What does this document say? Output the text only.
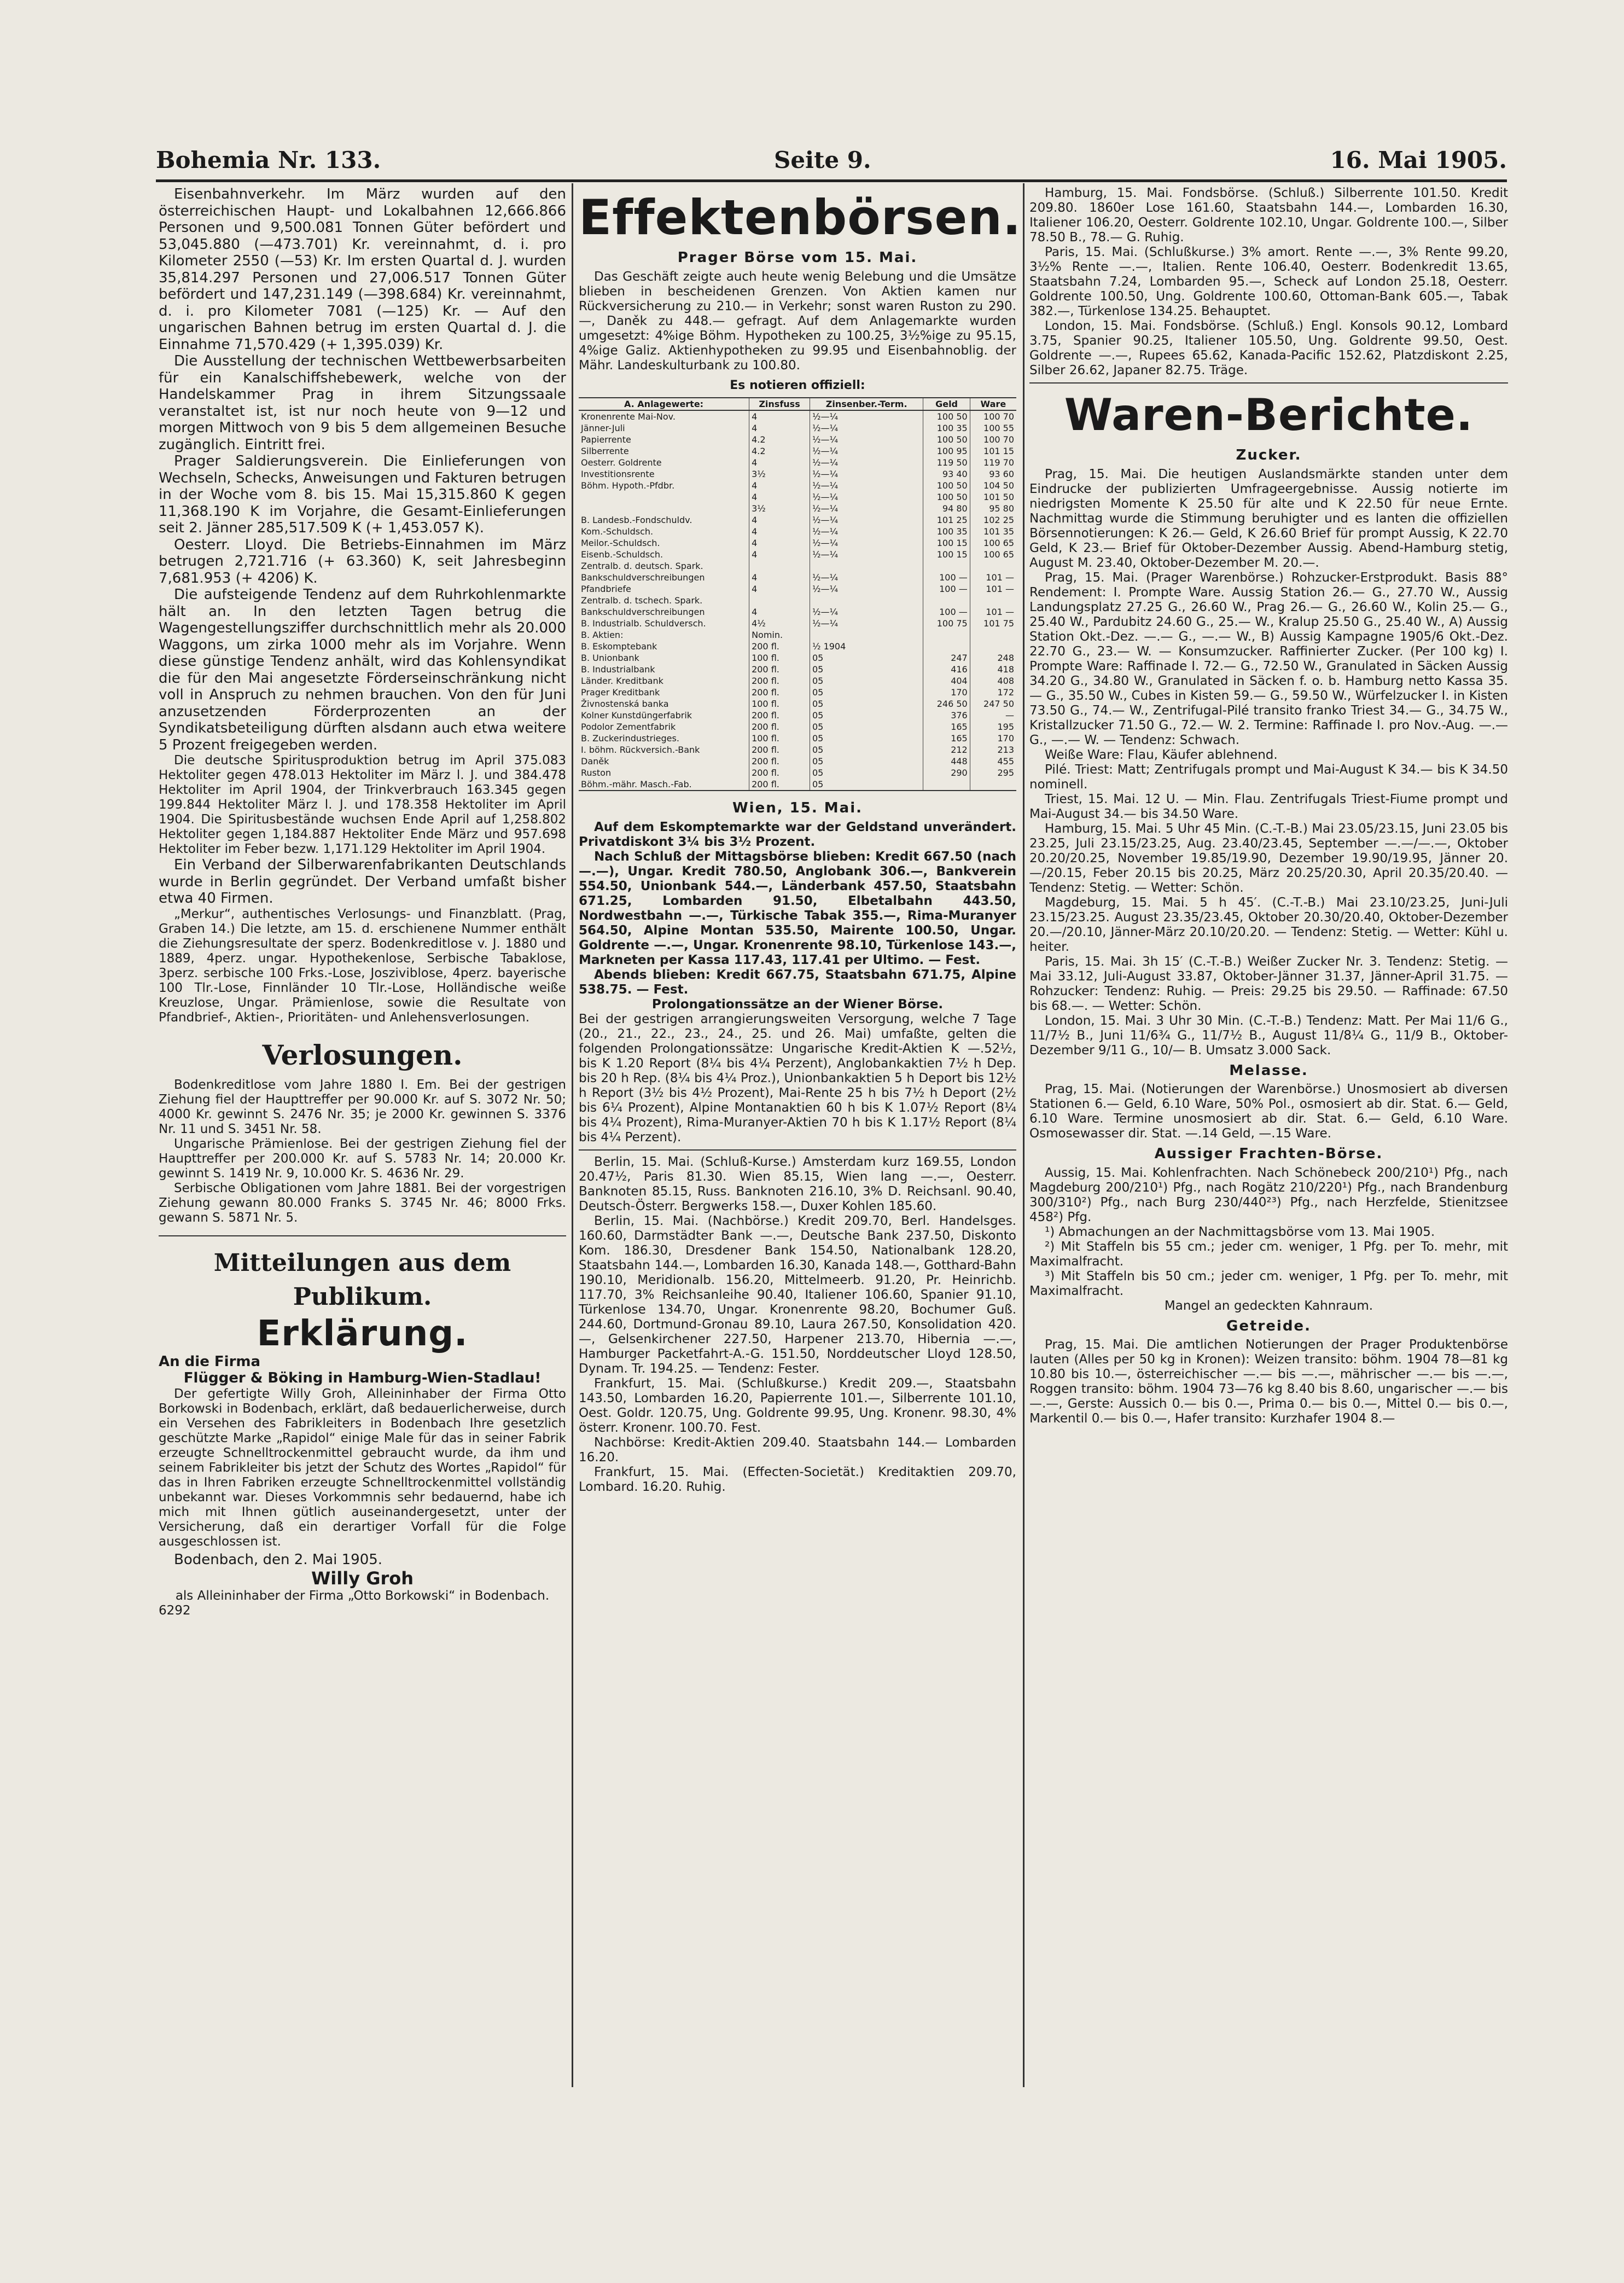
Bohemia Nr. 133.	Seite 9.	16. Mai 1905.

Eisenbahnverkehr. Im März wurden auf den österreichischen Haupt- und Lokalbahnen 12,666.866 Personen und 9,500.081 Tonnen Güter befördert und 53,045.880 (—473.701) Kr. vereinnahmt, d. i. pro Kilometer 2550 (—53) Kr. Im ersten Quartal d. J. wurden 35,814.297 Personen und 27,006.517 Tonnen Güter befördert und 147,231.149 (—398.684) Kr. vereinnahmt, d. i. pro Kilometer 7081 (—125) Kr. — Auf den ungarischen Bahnen betrug im ersten Quartal d. J. die Einnahme 71,570.429 (+ 1,395.039) Kr.

Die Ausstellung der technischen Wettbewerbsarbeiten für ein Kanalschiffshebewerk, welche von der Handelskammer Prag in ihrem Sitzungssaale veranstaltet ist, ist nur noch heute von 9—12 und morgen Mittwoch von 9 bis 5 dem allgemeinen Besuche zugänglich. Eintritt frei.

Prager Saldierungsverein. Die Einlieferungen von Wechseln, Schecks, Anweisungen und Fakturen betrugen in der Woche vom 8. bis 15. Mai 15,315.860 K gegen 11,368.190 K im Vorjahre, die Gesamt-Einlieferungen seit 2. Jänner 285,517.509 K (+ 1,453.057 K).

Oesterr. Lloyd. Die Betriebs-Einnahmen im März betrugen 2,721.716 (+ 63.360) K, seit Jahresbeginn 7,681.953 (+ 4206) K.

Die aufsteigende Tendenz auf dem Ruhrkohlenmarkte hält an. In den letzten Tagen betrug die Wagengestellungsziffer durchschnittlich mehr als 20.000 Waggons, um zirka 1000 mehr als im Vorjahre. Wenn diese günstige Tendenz anhält, wird das Kohlensyndikat die für den Mai angesetzte Förderseinschränkung nicht voll in Anspruch zu nehmen brauchen. Von den für Juni anzusetzenden Förderprozenten an der Syndikatsbeteiligung dürften alsdann auch etwa weitere 5 Prozent freigegeben werden.

Die deutsche Spiritusproduktion betrug im April 375.083 Hektoliter gegen 478.013 Hektoliter im März l. J. und 384.478 Hektoliter im April 1904, der Trinkverbrauch 163.345 gegen 199.844 Hektoliter März l. J. und 178.358 Hektoliter im April 1904. Die Spiritusbestände wuchsen Ende April auf 1,258.802 Hektoliter gegen 1,184.887 Hektoliter Ende März und 957.698 Hektoliter im Feber bezw. 1,171.129 Hektoliter im April 1904.

Ein Verband der Silberwarenfabrikanten Deutschlands wurde in Berlin gegründet. Der Verband umfaßt bisher etwa 40 Firmen.

„Merkur“, authentisches Verlosungs- und Finanzblatt. (Prag, Graben 14.) Die letzte, am 15. d. erschienene Nummer enthält die Ziehungsresultate der sperz. Bodenkreditlose v. J. 1880 und 1889, 4perz. ungar. Hypothekenlose, Serbische Tabaklose, 3perz. serbische 100 Frks.-Lose, Josziviblose, 4perz. bayerische 100 Tlr.-Lose, Finnländer 10 Tlr.-Lose, Holländische weiße Kreuzlose, Ungar. Prämienlose, sowie die Resultate von Pfandbrief-, Aktien-, Prioritäten- und Anlehensverlosungen.

Verlosungen.

Bodenkreditlose vom Jahre 1880 I. Em. Bei der gestrigen Ziehung fiel der Haupttreffer per 90.000 Kr. auf S. 3072 Nr. 50; 4000 Kr. gewinnt S. 2476 Nr. 35; je 2000 Kr. gewinnen S. 3376 Nr. 11 und S. 3451 Nr. 58.

Ungarische Prämienlose. Bei der gestrigen Ziehung fiel der Haupttreffer per 200.000 Kr. auf S. 5783 Nr. 14; 20.000 Kr. gewinnt S. 1419 Nr. 9, 10.000 Kr. S. 4636 Nr. 29.

Serbische Obligationen vom Jahre 1881. Bei der vorgestrigen Ziehung gewann 80.000 Franks S. 3745 Nr. 46; 8000 Frks. gewann S. 5871 Nr. 5.

Mitteilungen aus dem Publikum.
Erklärung.

An die Firma

Flügger & Böking in Hamburg-Wien-Stadlau!

Der gefertigte Willy Groh, Alleininhaber der Firma Otto Borkowski in Bodenbach, erklärt, daß bedauerlicherweise, durch ein Versehen des Fabrikleiters in Bodenbach Ihre gesetzlich geschützte Marke „Rapidol“ einige Male für das in seiner Fabrik erzeugte Schnelltrockenmittel gebraucht wurde, da ihm und seinem Fabrikleiter bis jetzt der Schutz des Wortes „Rapidol“ für das in Ihren Fabriken erzeugte Schnelltrockenmittel vollständig unbekannt war. Dieses Vorkommnis sehr bedauernd, habe ich mich mit Ihnen gütlich auseinandergesetzt, unter der Versicherung, daß ein derartiger Vorfall für die Folge ausgeschlossen ist.

Bodenbach, den 2. Mai 1905.

Willy Groh

als Alleininhaber der Firma „Otto Borkowski“ in Bodenbach.

6292

Effektenbörsen.

Prager Börse vom 15. Mai.

Das Geschäft zeigte auch heute wenig Belebung und die Umsätze blieben in bescheidenen Grenzen. Von Aktien kamen nur Rückversicherung zu 210.— in Verkehr; sonst waren Ruston zu 290.—, Daněk zu 448.— gefragt. Auf dem Anlagemarkte wurden umgesetzt: 4%ige Böhm. Hypotheken zu 100.25, 3½%ige zu 95.15, 4%ige Galiz. Aktienhypotheken zu 99.95 und Eisenbahnoblig. der Mähr. Landeskulturbank zu 100.80.

Es notieren offiziell:

A. Anlagewerte:	Zinsfuss	Zinsenber.-Term.	Geld	Ware
Kronenrente Mai-Nov.	4	½—¼	100 50	100 70
Jänner-Juli	4	½—¼	100 35	100 55
Papierrente	4.2	½—¼	100 50	100 70
Silberrente	4.2	½—¼	100 95	101 15
Oesterr. Goldrente	4	½—¼	119 50	119 70
Investitionsrente	3½	½—¼	93 40	93 60
Böhm. Hypoth.-Pfdbr.	4	½—¼	100 50	104 50
	4	½—¼	100 50	101 50
	3½	½—¼	94 80	95 80
B. Landesb.-Fondschuldv.	4	½—¼	101 25	102 25
Kom.-Schuldsch.	4	½—¼	100 35	101 35
Meilor.-Schuldsch.	4	½—¼	100 15	100 65
Eisenb.-Schuldsch.	4	½—¼	100 15	100 65
Zentralb. d. deutsch. Spark.				
Bankschuldverschreibungen	4	½—¼	100 —	101 —
Pfandbriefe	4	½—¼	100 —	101 —
Zentralb. d. tschech. Spark.				
Bankschuldverschreibungen	4	½—¼	100 —	101 —
B. Industrialb. Schuldversch.	4½	½—¼	100 75	101 75
B. Aktien:	Nomin.			
B. Eskomptebank	200 fl.	½ 1904		
B. Unionbank	100 fl.	05	247	248
B. Industrialbank	200 fl.	05	416	418
Länder. Kreditbank	200 fl.	05	404	408
Prager Kreditbank	200 fl.	05	170	172
Živnostenská banka	100 fl.	05	246 50	247 50
Kolner Kunstdüngerfabrik	200 fl.	05	376	—
Podolor Zementfabrik	200 fl.	05	165	195
B. Zuckerindustrieges.	100 fl.	05	165	170
I. böhm. Rückversich.-Bank	200 fl.	05	212	213
Daněk	200 fl.	05	448	455
Ruston	200 fl.	05	290	295
Böhm.-mähr. Masch.-Fab.	200 fl.	05		

Wien, 15. Mai.

Auf dem Eskomptemarkte war der Geldstand unverändert. Privatdiskont 3¼ bis 3½ Prozent.

Nach Schluß der Mittagsbörse blieben: Kredit 667.50 (nach —.—), Ungar. Kredit 780.50, Anglobank 306.—, Bankverein 554.50, Unionbank 544.—, Länderbank 457.50, Staatsbahn 671.25, Lombarden 91.50, Elbetalbahn 443.50, Nordwestbahn —.—, Türkische Tabak 355.—, Rima-Muranyer 564.50, Alpine Montan 535.50, Mairente 100.50, Ungar. Goldrente —.—, Ungar. Kronenrente 98.10, Türkenlose 143.—, Markneten per Kassa 117.43, 117.41 per Ultimo. — Fest.

Abends blieben: Kredit 667.75, Staatsbahn 671.75, Alpine 538.75. — Fest.

Prolongationssätze an der Wiener Börse.

Bei der gestrigen arrangierungsweiten Versorgung, welche 7 Tage (20., 21., 22., 23., 24., 25. und 26. Mai) umfaßte, gelten die folgenden Prolongationssätze: Ungarische Kredit-Aktien K —.52½, bis K 1.20 Report (8¼ bis 4¼ Perzent), Anglobankaktien 7½ h Dep. bis 20 h Rep. (8¼ bis 4¼ Proz.), Unionbankaktien 5 h Deport bis 12½ h Report (3½ bis 4½ Prozent), Mai-Rente 25 h bis 7½ h Deport (2½ bis 6¼ Prozent), Alpine Montanaktien 60 h bis K 1.07½ Report (8¼ bis 4¼ Prozent), Rima-Muranyer-Aktien 70 h bis K 1.17½ Report (8¼ bis 4¼ Perzent).

Berlin, 15. Mai. (Schluß-Kurse.) Amsterdam kurz 169.55, London 20.47½, Paris 81.30. Wien 85.15, Wien lang —.—, Oesterr. Banknoten 85.15, Russ. Banknoten 216.10, 3% D. Reichsanl. 90.40, Deutsch-Österr. Bergwerks 158.—, Duxer Kohlen 185.60.

Berlin, 15. Mai. (Nachbörse.) Kredit 209.70, Berl. Handelsges. 160.60, Darmstädter Bank —.—, Deutsche Bank 237.50, Diskonto Kom. 186.30, Dresdener Bank 154.50, Nationalbank 128.20, Staatsbahn 144.—, Lombarden 16.30, Kanada 148.—, Gotthard-Bahn 190.10, Meridionalb. 156.20, Mittelmeerb. 91.20, Pr. Heinrichb. 117.70, 3% Reichsanleihe 90.40, Italiener 106.60, Spanier 91.10, Türkenlose 134.70, Ungar. Kronenrente 98.20, Bochumer Guß. 244.60, Dortmund-Gronau 89.10, Laura 267.50, Konsolidation 420.—, Gelsenkirchener 227.50, Harpener 213.70, Hibernia —.—, Hamburger Packetfahrt-A.-G. 151.50, Norddeutscher Lloyd 128.50, Dynam. Tr. 194.25. — Tendenz: Fester.

Frankfurt, 15. Mai. (Schlußkurse.) Kredit 209.—, Staatsbahn 143.50, Lombarden 16.20, Papierrente 101.—, Silberrente 101.10, Oest. Goldr. 120.75, Ung. Goldrente 99.95, Ung. Kronenr. 98.30, 4% österr. Kronenr. 100.70. Fest.

Nachbörse: Kredit-Aktien 209.40. Staatsbahn 144.— Lombarden 16.20.

Frankfurt, 15. Mai. (Effecten-Societät.) Kreditaktien 209.70, Lombard. 16.20. Ruhig.

Hamburg, 15. Mai. Fondsbörse. (Schluß.) Silberrente 101.50. Kredit 209.80. 1860er Lose 161.60, Staatsbahn 144.—, Lombarden 16.30, Italiener 106.20, Oesterr. Goldrente 102.10, Ungar. Goldrente 100.—, Silber 78.50 B., 78.— G. Ruhig.

Paris, 15. Mai. (Schlußkurse.) 3% amort. Rente —.—, 3% Rente 99.20, 3½% Rente —.—, Italien. Rente 106.40, Oesterr. Bodenkredit 13.65, Staatsbahn 7.24, Lombarden 95.—, Scheck auf London 25.18, Oesterr. Goldrente 100.50, Ung. Goldrente 100.60, Ottoman-Bank 605.—, Tabak 382.—, Türkenlose 134.25. Behauptet.

London, 15. Mai. Fondsbörse. (Schluß.) Engl. Konsols 90.12, Lombard 3.75, Spanier 90.25, Italiener 105.50, Ung. Goldrente 99.50, Oest. Goldrente —.—, Rupees 65.62, Kanada-Pacific 152.62, Platzdiskont 2.25, Silber 26.62, Japaner 82.75. Träge.

Waren-Berichte.

Zucker.

Prag, 15. Mai. Die heutigen Auslandsmärkte standen unter dem Eindrucke der publizierten Umfrageergebnisse. Aussig notierte im niedrigsten Momente K 25.50 für alte und K 22.50 für neue Ernte. Nachmittag wurde die Stimmung beruhigter und es lanten die offiziellen Börsennotierungen: K 26.— Geld, K 26.60 Brief für prompt Aussig, K 22.70 Geld, K 23.— Brief für Oktober-Dezember Aussig. Abend-Hamburg stetig, August M. 23.40, Oktober-Dezember M. 20.—.

Prag, 15. Mai. (Prager Warenbörse.) Rohzucker-Erstprodukt. Basis 88° Rendement: I. Prompte Ware. Aussig Station 26.— G., 27.70 W., Aussig Landungsplatz 27.25 G., 26.60 W., Prag 26.— G., 26.60 W., Kolin 25.— G., 25.40 W., Pardubitz 24.60 G., 25.— W., Kralup 25.50 G., 25.40 W., A) Aussig Station Okt.-Dez. —.— G., —.— W., B) Aussig Kampagne 1905/6 Okt.-Dez. 22.70 G., 23.— W. — Konsumzucker. Raffinierter Zucker. (Per 100 kg) I. Prompte Ware: Raffinade I. 72.— G., 72.50 W., Granulated in Säcken Aussig 34.20 G., 34.80 W., Granulated in Säcken f. o. b. Hamburg netto Kassa 35.— G., 35.50 W., Cubes in Kisten 59.— G., 59.50 W., Würfelzucker I. in Kisten 73.50 G., 74.— W., Zentrifugal-Pilé transito franko Triest 34.— G., 34.75 W., Kristallzucker 71.50 G., 72.— W. 2. Termine: Raffinade I. pro Nov.-Aug. —.— G., —.— W. — Tendenz: Schwach.

Weiße Ware: Flau, Käufer ablehnend.

Pilé. Triest: Matt; Zentrifugals prompt und Mai-August K 34.— bis K 34.50 nominell.

Triest, 15. Mai. 12 U. — Min. Flau. Zentrifugals Triest-Fiume prompt und Mai-August 34.— bis 34.50 Ware.

Hamburg, 15. Mai. 5 Uhr 45 Min. (C.-T.-B.) Mai 23.05/23.15, Juni 23.05 bis 23.25, Juli 23.15/23.25, Aug. 23.40/23.45, September —.—/—.—, Oktober 20.20/20.25, November 19.85/19.90, Dezember 19.90/19.95, Jänner 20.—/20.15, Feber 20.15 bis 20.25, März 20.25/20.30, April 20.35/20.40. — Tendenz: Stetig. — Wetter: Schön.

Magdeburg, 15. Mai. 5 h 45′. (C.-T.-B.) Mai 23.10/23.25, Juni-Juli 23.15/23.25. August 23.35/23.45, Oktober 20.30/20.40, Oktober-Dezember 20.—/20.10, Jänner-März 20.10/20.20. — Tendenz: Stetig. — Wetter: Kühl u. heiter.

Paris, 15. Mai. 3h 15′ (C.-T.-B.) Weißer Zucker Nr. 3. Tendenz: Stetig. — Mai 33.12, Juli-August 33.87, Oktober-Jänner 31.37, Jänner-April 31.75. — Rohzucker: Tendenz: Ruhig. — Preis: 29.25 bis 29.50. — Raffinade: 67.50 bis 68.—. — Wetter: Schön.

London, 15. Mai. 3 Uhr 30 Min. (C.-T.-B.) Tendenz: Matt. Per Mai 11/6 G., 11/7½ B., Juni 11/6¾ G., 11/7½ B., August 11/8¼ G., 11/9 B., Oktober-Dezember 9/11 G., 10/— B. Umsatz 3.000 Sack.

Melasse.

Prag, 15. Mai. (Notierungen der Warenbörse.) Unosmosiert ab diversen Stationen 6.— Geld, 6.10 Ware, 50% Pol., osmosiert ab dir. Stat. 6.— Geld, 6.10 Ware. Termine unosmosiert ab dir. Stat. 6.— Geld, 6.10 Ware. Osmosewasser dir. Stat. —.14 Geld, —.15 Ware.

Aussiger Frachten-Börse.

Aussig, 15. Mai. Kohlenfrachten. Nach Schönebeck 200/210¹) Pfg., nach Magdeburg 200/210¹) Pfg., nach Rogätz 210/220¹) Pfg., nach Brandenburg 300/310²) Pfg., nach Burg 230/440²³) Pfg., nach Herzfelde, Stienitzsee 458²) Pfg.

¹) Abmachungen an der Nachmittagsbörse vom 13. Mai 1905.

²) Mit Staffeln bis 55 cm.; jeder cm. weniger, 1 Pfg. per To. mehr, mit Maximalfracht.

³) Mit Staffeln bis 50 cm.; jeder cm. weniger, 1 Pfg. per To. mehr, mit Maximalfracht.

Mangel an gedeckten Kahnraum.

Getreide.

Prag, 15. Mai. Die amtlichen Notierungen der Prager Produktenbörse lauten (Alles per 50 kg in Kronen): Weizen transito: böhm. 1904 78—81 kg 10.80 bis 10.—, österreichischer —.— bis —.—, mährischer —.— bis —.—, Roggen transito: böhm. 1904 73—76 kg 8.40 bis 8.60, ungarischer —.— bis —.—, Gerste: Aussich 0.— bis 0.—, Prima 0.— bis 0.—, Mittel 0.— bis 0.—, Markentil 0.— bis 0.—, Hafer transito: Kurzhafer 1904 8.—
